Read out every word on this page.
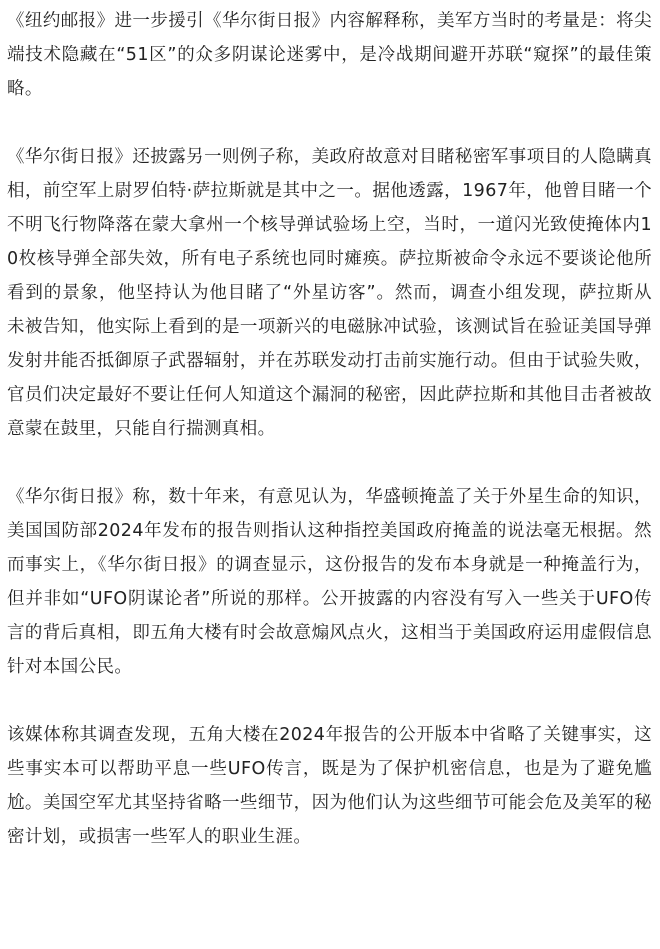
《纽约邮报》进一步援引《华尔街日报》内容解释称，美军方当时的考量是：将尖端技术隐藏在“51区”的众多阴谋论迷雾中，是冷战期间避开苏联“窥探”的最佳策略。

《华尔街日报》还披露另一则例子称，美政府故意对目睹秘密军事项目的人隐瞒真相，前空军上尉罗伯特·萨拉斯就是其中之一。据他透露，1967年，他曾目睹一个不明飞行物降落在蒙大拿州一个核导弹试验场上空，当时，一道闪光致使掩体内10枚核导弹全部失效，所有电子系统也同时瘫痪。萨拉斯被命令永远不要谈论他所看到的景象，他坚持认为他目睹了“外星访客”。然而，调查小组发现，萨拉斯从未被告知，他实际上看到的是一项新兴的电磁脉冲试验，该测试旨在验证美国导弹发射井能否抵御原子武器辐射，并在苏联发动打击前实施行动。但由于试验失败，官员们决定最好不要让任何人知道这个漏洞的秘密，因此萨拉斯和其他目击者被故意蒙在鼓里，只能自行揣测真相。

《华尔街日报》称，数十年来，有意见认为，华盛顿掩盖了关于外星生命的知识，美国国防部2024年发布的报告则指认这种指控美国政府掩盖的说法毫无根据。然而事实上，《华尔街日报》的调查显示，这份报告的发布本身就是一种掩盖行为，但并非如“UFO阴谋论者”所说的那样。公开披露的内容没有写入一些关于UFO传言的背后真相，即五角大楼有时会故意煽风点火，这相当于美国政府运用虚假信息针对本国公民。

该媒体称其调查发现，五角大楼在2024年报告的公开版本中省略了关键事实，这些事实本可以帮助平息一些UFO传言，既是为了保护机密信息，也是为了避免尴尬。美国空军尤其坚持省略一些细节，因为他们认为这些细节可能会危及美军的秘密计划，或损害一些军人的职业生涯。
